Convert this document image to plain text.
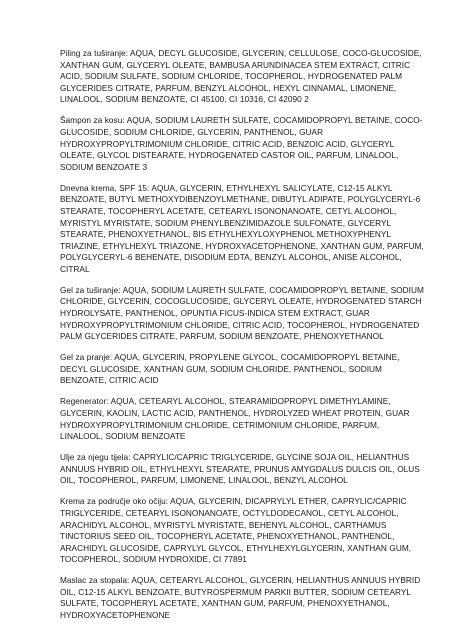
Piling za tuširanje: AQUA, DECYL GLUCOSIDE, GLYCERIN, CELLULOSE, COCO-GLUCOSIDE, XANTHAN GUM, GLYCERYL OLEATE, BAMBUSA ARUNDINACEA STEM EXTRACT, CITRIC ACID, SODIUM SULFATE, SODIUM CHLORIDE, TOCOPHEROL, HYDROGENATED PALM GLYCERIDES CITRATE, PARFUM, BENZYL ALCOHOL, HEXYL CINNAMAL, LIMONENE, LINALOOL, SODIUM BENZOATE, CI 45100, CI 10316, CI 42090 2

Šampon za kosu: AQUA, SODIUM LAURETH SULFATE, COCAMIDOPROPYL BETAINE, COCO-GLUCOSIDE, SODIUM CHLORIDE, GLYCERIN, PANTHENOL, GUAR HYDROXYPROPYLTRIMONIUM CHLORIDE, CITRIC ACID, BENZOIC ACID, GLYCERYL OLEATE, GLYCOL DISTEARATE, HYDROGENATED CASTOR OIL, PARFUM, LINALOOL, SODIUM BENZOATE 3

Dnevna krema, SPF 15: AQUA, GLYCERIN, ETHYLHEXYL SALICYLATE, C12-15 ALKYL BENZOATE, BUTYL METHOXYDIBENZOYLMETHANE, DIBUTYL ADIPATE, POLYGLYCERYL-6 STEARATE, TOCOPHERYL ACETATE, CETEARYL ISONONANOATE, CETYL ALCOHOL, MYRISTYL MYRISTATE, SODIUM PHENYLBENZIMIDAZOLE SULFONATE, GLYCERYL STEARATE, PHENOXYETHANOL, BIS ETHYLHEXYLOXYPHENOL METHOXYPHENYL TRIAZINE, ETHYLHEXYL TRIAZONE, HYDROXYACETOPHENONE, XANTHAN GUM, PARFUM, POLYGLYCERYL-6 BEHENATE, DISODIUM EDTA, BENZYL ALCOHOL, ANISE ALCOHOL, CITRAL

Gel za tuširanje: AQUA, SODIUM LAURETH SULFATE, COCAMIDOPROPYL BETAINE, SODIUM CHLORIDE, GLYCERIN, COCOGLUCOSIDE, GLYCERYL OLEATE, HYDROGENATED STARCH HYDROLYSATE, PANTHENOL, OPUNTIA FICUS-INDICA STEM EXTRACT, GUAR HYDROXYPROPYLTRIMONIUM CHLORIDE, CITRIC ACID, TOCOPHEROL, HYDROGENATED PALM GLYCERIDES CITRATE, PARFUM, SODIUM BENZOATE, PHENOXYETHANOL

Gel za pranje: AQUA, GLYCERIN, PROPYLENE GLYCOL, COCAMIDOPROPYL BETAINE, DECYL GLUCOSIDE, XANTHAN GUM, SODIUM CHLORIDE, PANTHENOL, SODIUM BENZOATE, CITRIC ACID

Regenerator: AQUA, CETEARYL ALCOHOL, STEARAMIDOPROPYL DIMETHYLAMINE, GLYCERIN, KAOLIN, LACTIC ACID, PANTHENOL, HYDROLYZED WHEAT PROTEIN, GUAR HYDROXYPROPYLTRIMONIUM CHLORIDE, CETRIMONIUM CHLORIDE, PARFUM, LINALOOL, SODIUM BENZOATE

Ulje za njegu tijela: CAPRYLIC/CAPRIC TRIGLYCERIDE, GLYCINE SOJA OIL, HELIANTHUS ANNUUS HYBRID OIL, ETHYLHEXYL STEARATE, PRUNUS AMYGDALUS DULCIS OIL, OLUS OIL, TOCOPHEROL, PARFUM, LIMONENE, LINALOOL, BENZYL ALCOHOL

Krema za područje oko očiju: AQUA, GLYCERIN, DICAPRYLYL ETHER, CAPRYLIC/CAPRIC TRIGLYCERIDE, CETEARYL ISONONANOATE, OCTYLDODECANOL, CETYL ALCOHOL, ARACHIDYL ALCOHOL, MYRISTYL MYRISTATE, BEHENYL ALCOHOL, CARTHAMUS TINCTORIUS SEED OIL, TOCOPHERYL ACETATE, PHENOXYETHANOL, PANTHENOL, ARACHIDYL GLUCOSIDE, CAPRYLYL GLYCOL, ETHYLHEXYLGLYCERIN, XANTHAN GUM, TOCOPHEROL, SODIUM HYDROXIDE, CI 77891

Maslac za stopala: AQUA, CETEARYL ALCOHOL, GLYCERIN, HELIANTHUS ANNUUS HYBRID OIL, C12-15 ALKYL BENZOATE, BUTYROSPERMUM PARKII BUTTER, SODIUM CETEARYL SULFATE, TOCOPHERYL ACETATE, XANTHAN GUM, PARFUM, PHENOXYETHANOL, HYDROXYACETOPHENONE
